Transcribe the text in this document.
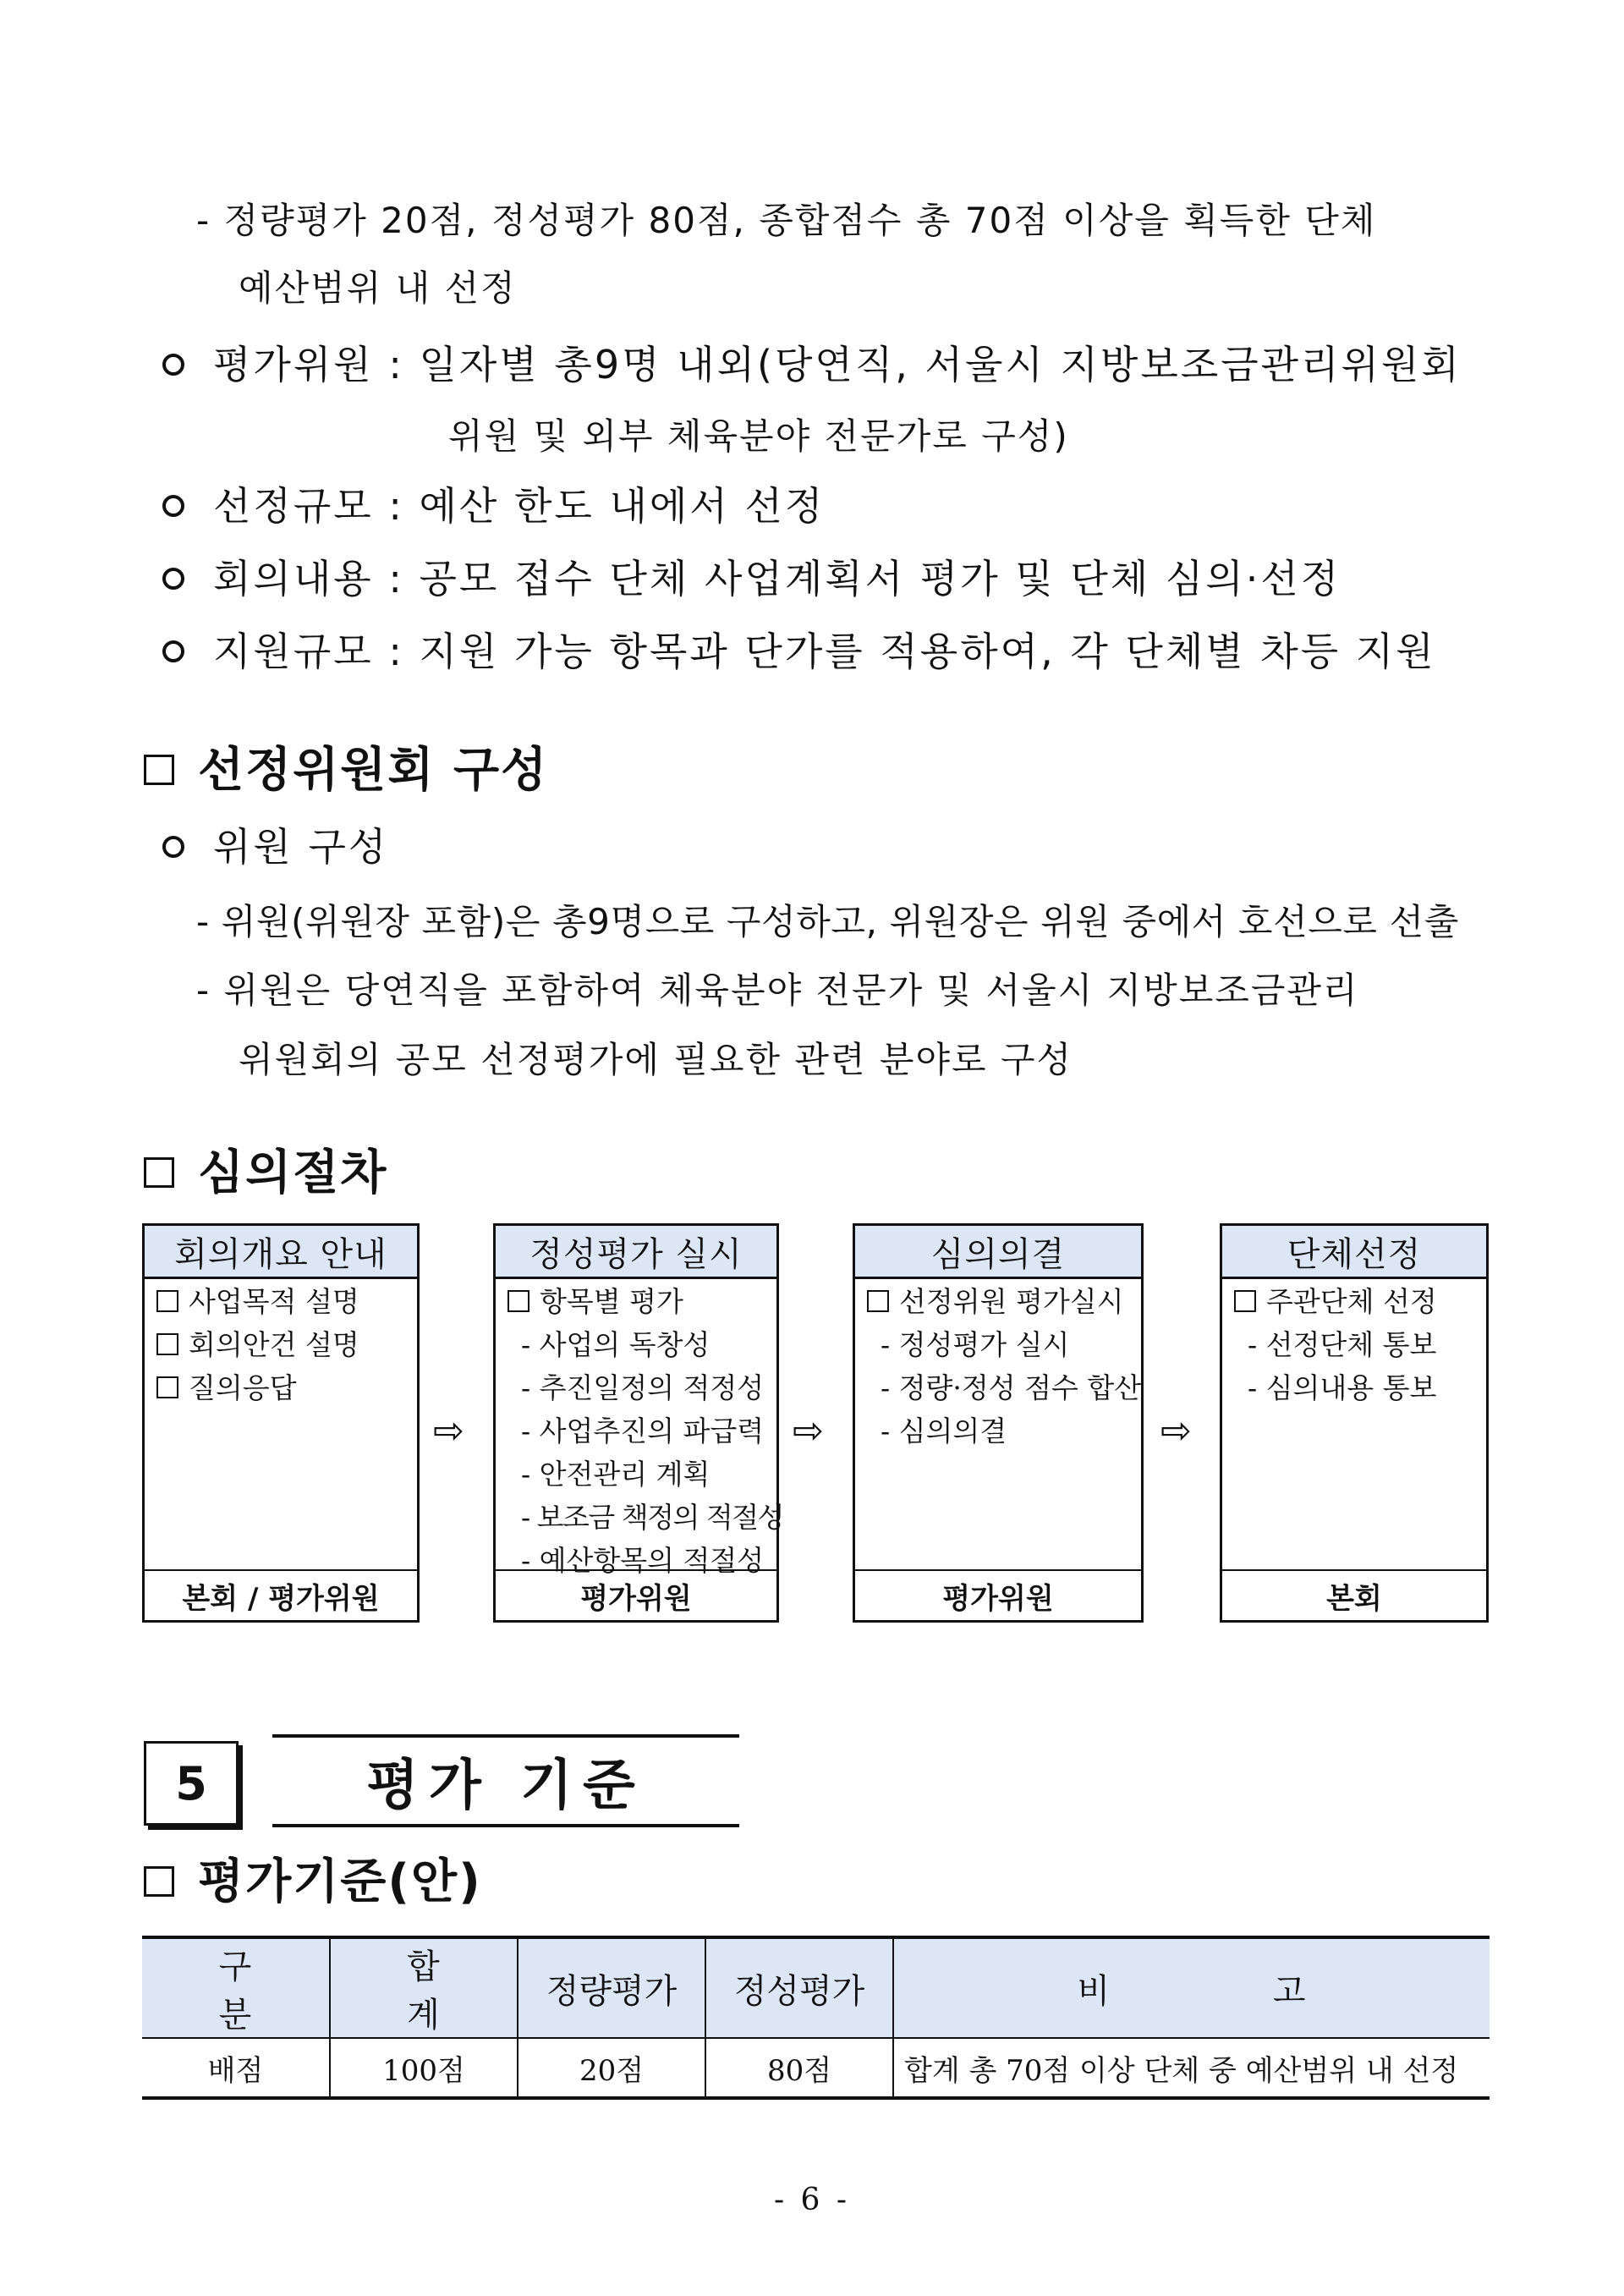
- 정량평가 20점, 정성평가 80점, 종합점수 총 70점 이상을 획득한 단체
예산범위 내 선정
평가위원 : 일자별 총9명 내외(당연직, 서울시 지방보조금관리위원회
위원 및 외부 체육분야 전문가로 구성)
선정규모 : 예산 한도 내에서 선정
회의내용 : 공모 접수 단체 사업계획서 평가 및 단체 심의·선정
지원규모 : 지원 가능 항목과 단가를 적용하여, 각 단체별 차등 지원
선정위원회 구성
위원 구성
- 위원(위원장 포함)은 총9명으로 구성하고, 위원장은 위원 중에서 호선으로 선출
- 위원은 당연직을 포함하여 체육분야 전문가 및 서울시 지방보조금관리
위원회의 공모 선정평가에 필요한 관련 분야로 구성
심의절차
회의개요 안내
사업목적 설명
회의안건 설명
질의응답
본회 / 평가위원
⇨
정성평가 실시
항목별 평가
- 사업의 독창성
- 추진일정의 적정성
- 사업추진의 파급력
- 안전관리 계획
- 보조금 책정의 적절성
- 예산항목의 적절성
평가위원
⇨
심의의결
선정위원 평가실시
- 정성평가 실시
- 정량·정성 점수 합산
- 심의의결
평가위원
⇨
단체선정
주관단체 선정
- 선정단체 통보
- 심의내용 통보
본회
5	평가 기준
평가기준(안)
구 분	합 계	정량평가	정성평가	비 고
배점	100점	20점	80점	합계 총 70점 이상 단체 중 예산범위 내 선정
- 6 -
